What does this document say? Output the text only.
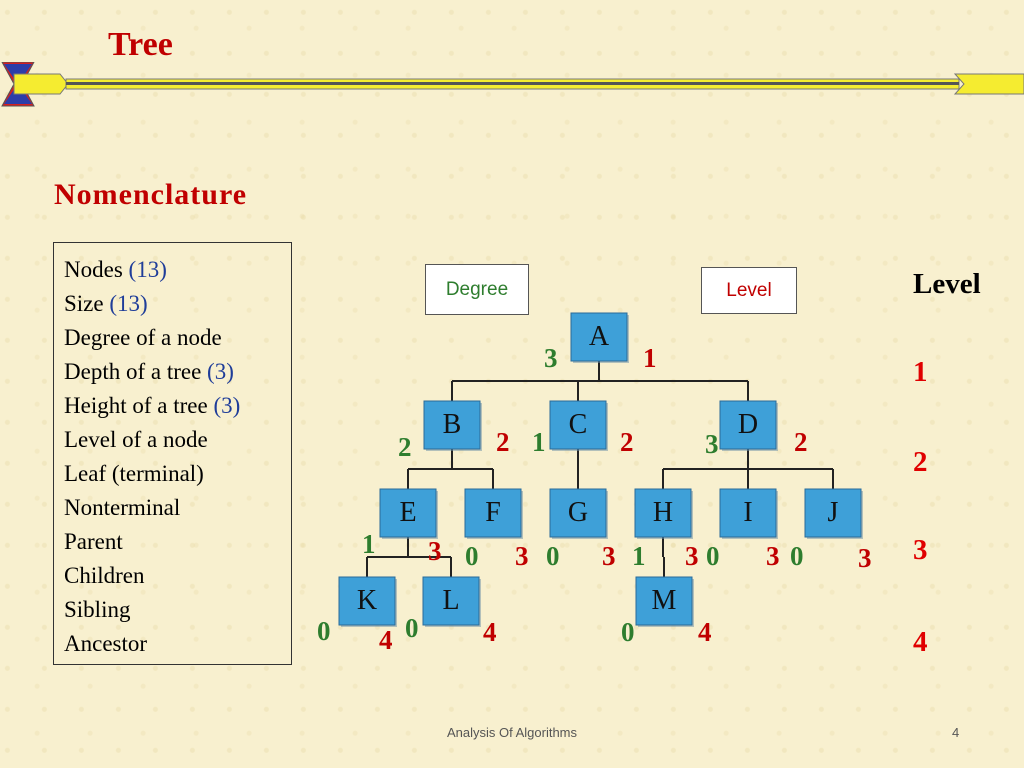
Tree
Nomenclature
Nodes (13)
Size (13)
Degree of a node
Depth of a tree (3)
Height of a tree (3)
Level of a node
Leaf (terminal)
Nonterminal
Parent
Children
Sibling
Ancestor
Degree	Level
A
3	1
B
2	2
C
1	2
D
3	2
E
1 3
F
0 3
G
0 3
H
1 3
I
0 3
J
0 3
K
0 4
L
0 4
M
0 4
Level
1
2
3
4
Analysis Of Algorithms	4
